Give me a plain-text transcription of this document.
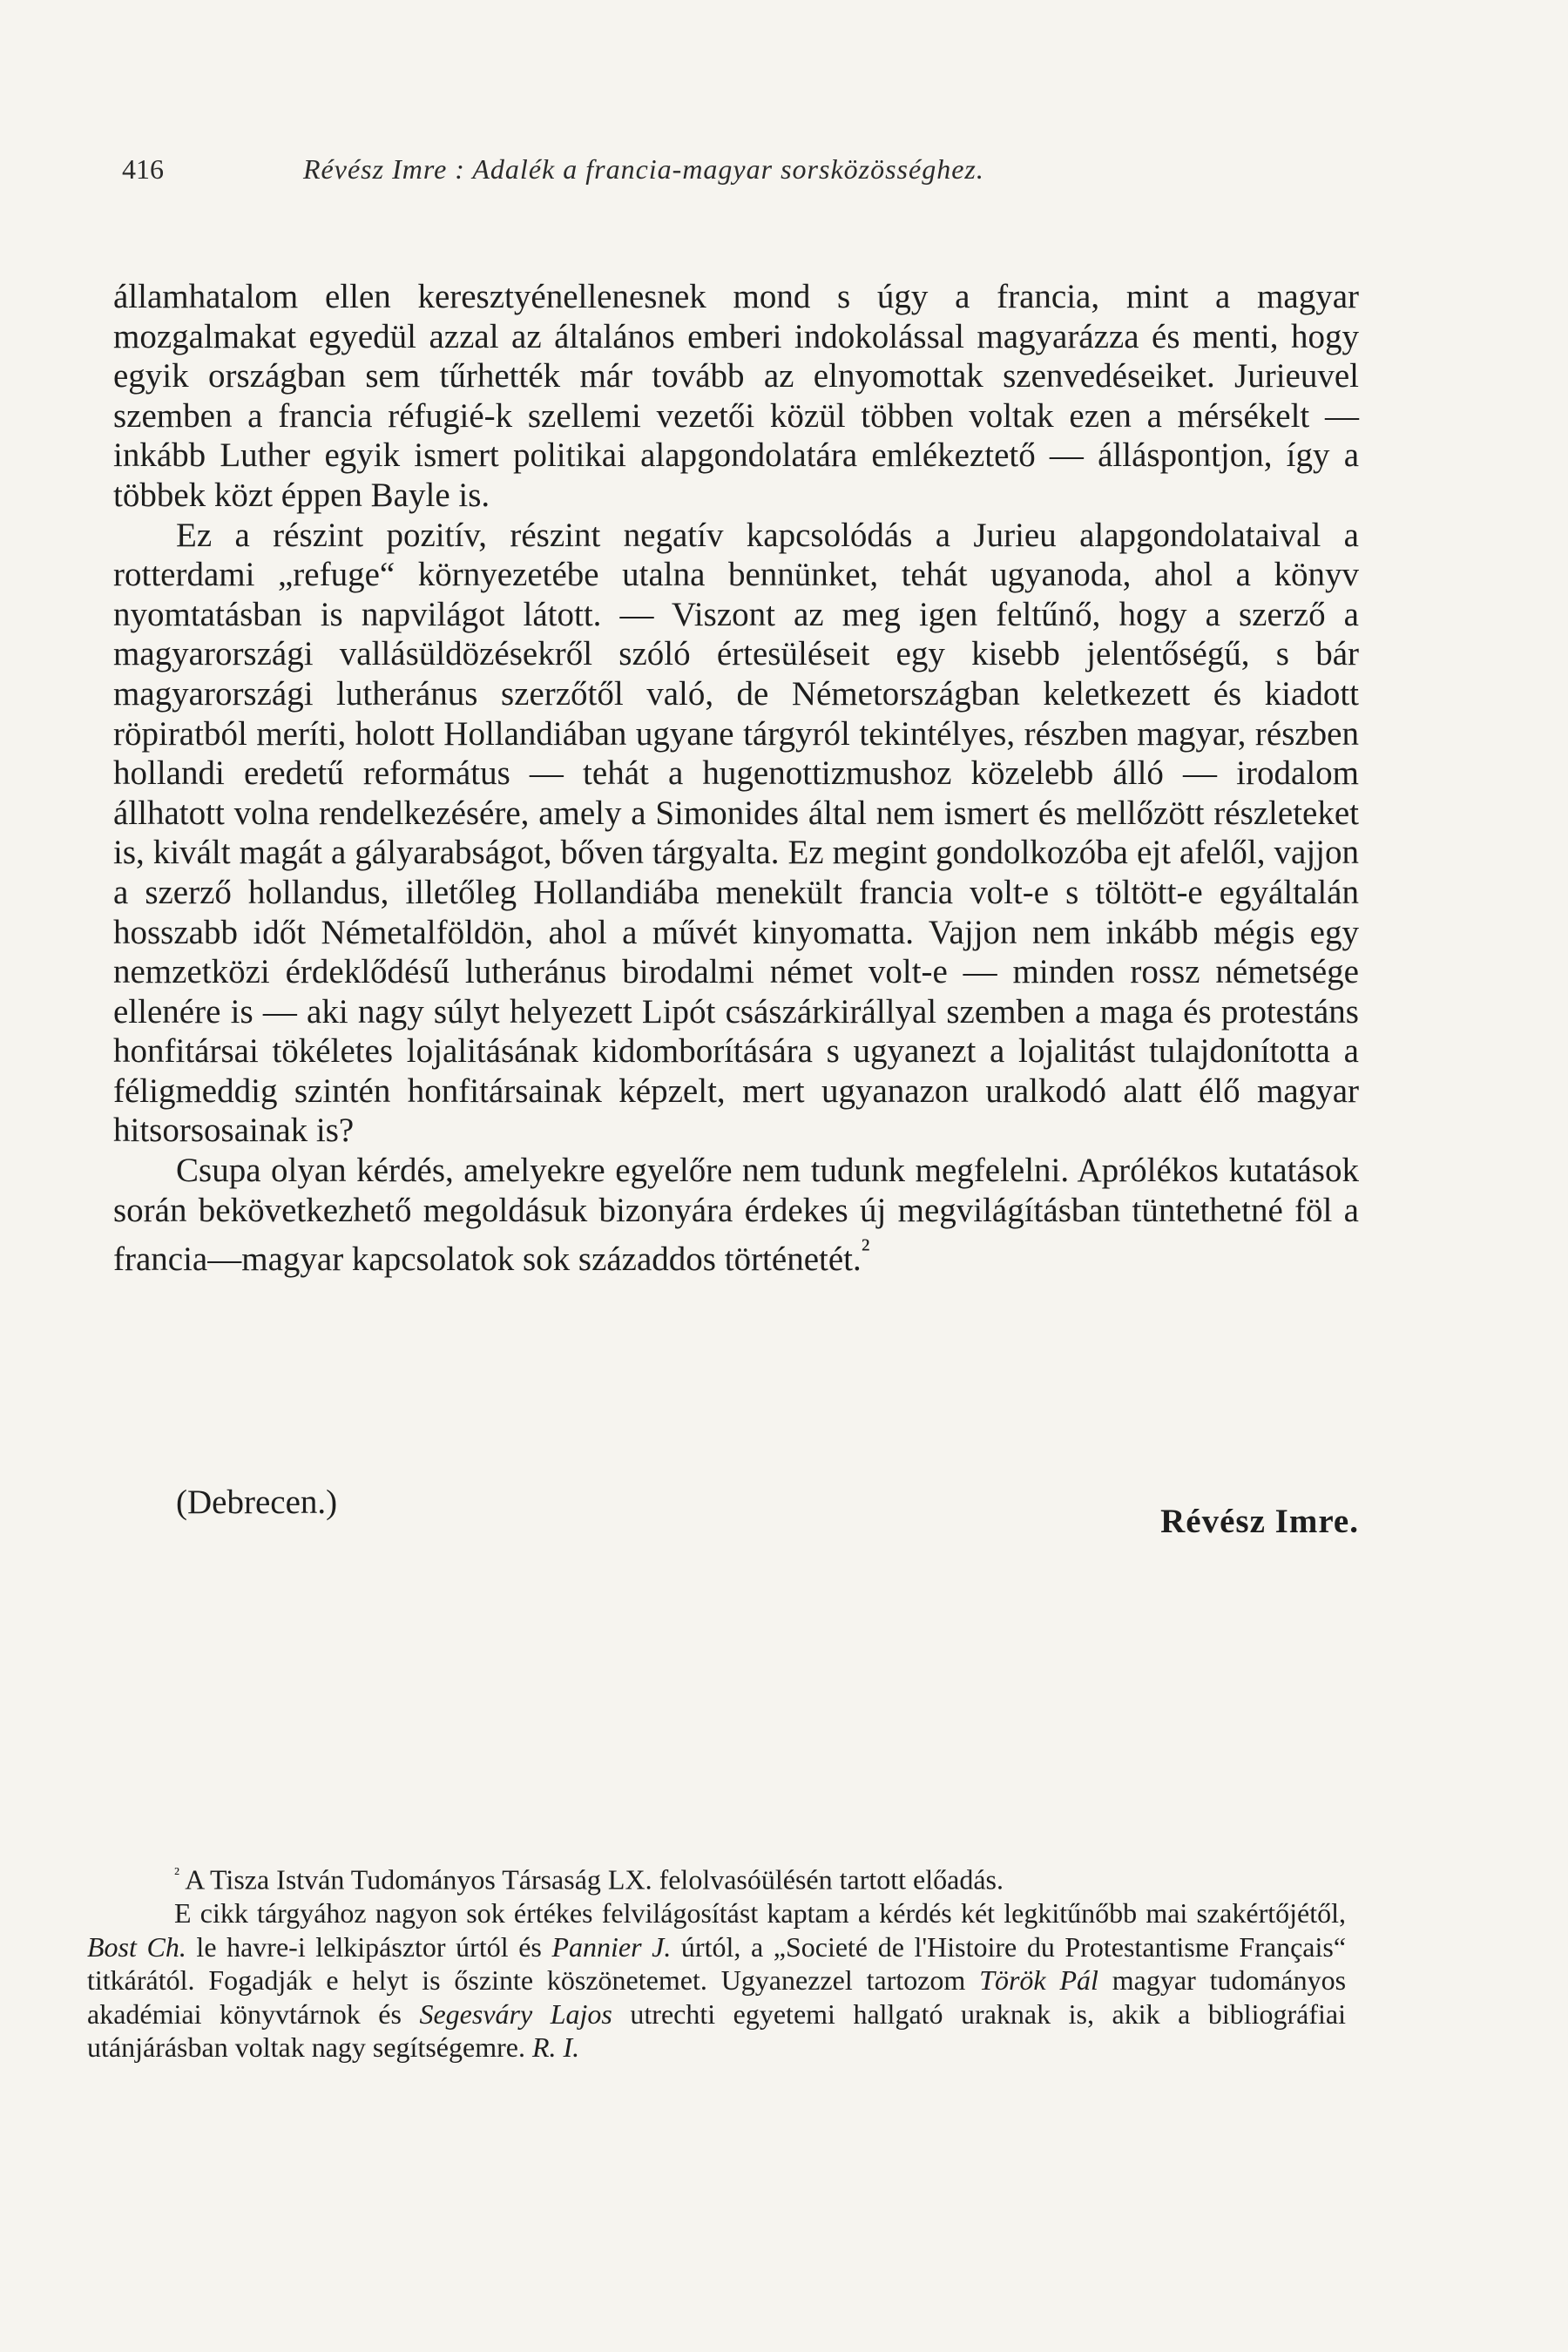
416	Révész Imre : Adalék a francia-magyar sorsközösséghez.

államhatalom ellen keresztyénellenesnek mond s úgy a francia, mint a magyar mozgalmakat egyedül azzal az általános emberi indokolással magyarázza és menti, hogy egyik országban sem tűrhették már tovább az elnyomottak szenvedéseiket. Jurieuvel szemben a francia réfugié-k szellemi vezetői közül többen voltak ezen a mérsékelt — inkább Luther egyik ismert politikai alapgondolatára emlékeztető — álláspontjon, így a többek közt éppen Bayle is.

Ez a részint pozitív, részint negatív kapcsolódás a Jurieu alapgondolataival a rotterdami „refuge“ környezetébe utalna bennünket, tehát ugyanoda, ahol a könyv nyomtatásban is napvilágot látott. — Viszont az meg igen feltűnő, hogy a szerző a magyarországi vallásüldözésekről szóló értesüléseit egy kisebb jelentőségű, s bár magyarországi lutheránus szerzőtől való, de Németországban keletkezett és kiadott röpiratból meríti, holott Hollandiában ugyane tárgyról tekintélyes, részben magyar, részben hollandi eredetű református — tehát a hugenottizmushoz közelebb álló — irodalom állhatott volna rendelkezésére, amely a Simonides által nem ismert és mellőzött részleteket is, kivált magát a gályarabságot, bőven tárgyalta. Ez megint gondolkozóba ejt afelől, vajjon a szerző hollandus, illetőleg Hollandiába menekült francia volt-e s töltött-e egyáltalán hosszabb időt Németalföldön, ahol a művét kinyomatta. Vajjon nem inkább mégis egy nemzetközi érdeklődésű lutheránus birodalmi német volt-e — minden rossz németsége ellenére is — aki nagy súlyt helyezett Lipót császárkirállyal szemben a maga és protestáns honfitársai tökéletes lojalitásának kidomborítására s ugyanezt a lojalitást tulajdonította a féligmeddig szintén honfitársainak képzelt, mert ugyanazon uralkodó alatt élő magyar hitsorsosainak is?

Csupa olyan kérdés, amelyekre egyelőre nem tudunk megfelelni. Aprólékos kutatások során bekövetkezhető megoldásuk bizonyára érdekes új megvilágításban tüntethetné föl a francia—magyar kapcsolatok sok századdos történetét.$^{^2}$

(Debrecen.)
Révész Imre.

$^{^2}$ A Tisza István Tudományos Társaság LX. felolvasóülésén tartott előadás.

E cikk tárgyához nagyon sok értékes felvilágosítást kaptam a kérdés két legkitűnőbb mai szakértőjétől, Bost Ch. le havre-i lelkipásztor úrtól és Pannier J. úrtól, a „Societé de l'Histoire du Protestantisme Français“ titkárától. Fogadják e helyt is őszinte köszönetemet. Ugyanezzel tartozom Török Pál magyar tudományos akadémiai könyvtárnok és Segesváry Lajos utrechti egyetemi hallgató uraknak is, akik a bibliográfiai utánjárásban voltak nagy segítségemre. R. I.
